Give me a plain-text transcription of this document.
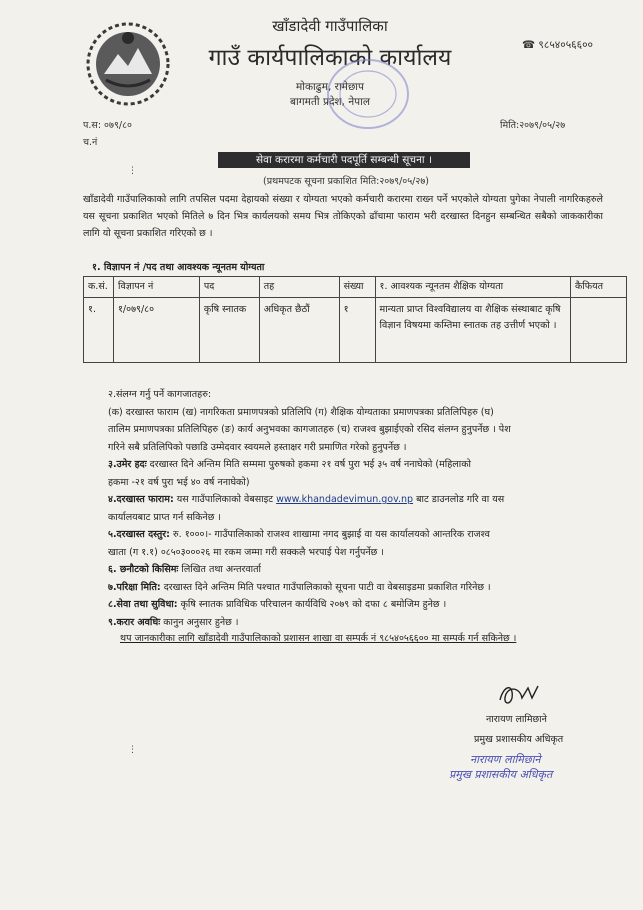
खाँडादेवी गाउँपालिका
गाउँ कार्यपालिकाको कार्यालय
मोकाढुम, रामेछाप
बागमती प्रदेश, नेपाल
☎ ९८५४०५६६००
प.स: ०७९/८०
च.नं
मिति:२०७९/०५/२७
सेवा करारमा कर्मचारी पदपूर्ति सम्बन्धी सूचना ।
(प्रथमपटक सूचना प्रकाशित मिति:२०७९/०५/२७)
खाँडादेवी गाउँपालिकाको लागि तपसिल पदमा देहायको संख्या र योग्यता भएको कर्मचारी करारमा राख्न पर्ने भएकोले योग्यता पुगेका नेपाली नागरिकहरुले यस सूचना प्रकाशित भएको मितिले ७ दिन भित्र कार्यलयको समय भित्र तोकिएको ढाँचामा फाराम भरी दरखास्त दिनहुन सम्बन्धित सबैको जाककारीका लागि यो सूचना प्रकाशित गरिएको छ ।
१. विज्ञापन नं /पद तथा आवश्यक न्यूनतम योग्यता
क.सं.	विज्ञापन नं	पद	तह	संख्या	१. आवश्यक न्यूनतम शैक्षिक योग्यता	कैफियत
१.	१/०७९/८०	कृषि स्नातक	अधिकृत छैठौं	१	मान्यता प्राप्त विश्वविद्यालय वा शैक्षिक संस्थाबाट कृषि विज्ञान विषयमा कम्तिमा स्नातक तह उत्तीर्ण भएको ।	
२.संलग्न गर्नु पर्ने कागजातहरु:
(क) दरखास्त फाराम (ख) नागरिकता प्रमाणपत्रको प्रतिलिपि (ग) शैक्षिक योग्यताका प्रमाणपत्रका प्रतिलिपिहरु (घ)
तालिम प्रमाणपत्रका प्रतिलिपिहरु (ङ) कार्य अनुभवका कागजातहरु (च) राजश्व बुझाईएको रसिद संलग्न हुनुपर्नेछ । पेश
गरिने सबै प्रतिलिपिको पछाडि उम्मेदवार स्वयमले हस्ताक्षर गरी प्रमाणित गरेको हुनुपर्नेछ ।
३.उमेर हदः दरखास्त दिने अन्तिम मिति सम्ममा पुरुषको हकमा २१ वर्ष पुरा भई ३५ वर्ष ननाघेको (महिलाको
हकमा -२१ वर्ष पुरा भई ४० वर्ष ननाघेको)
४.दरखास्त फाराम: यस गाउँपालिकाको वेबसाइट www.khandadevimun.gov.np बाट डाउनलोड गरि वा यस
कार्यालयबाट प्राप्त गर्न सकिनेछ ।
५.दरखास्त दस्तुर: रु. १०००।- गाउँपालिकाको राजश्व शाखामा नगद बुझाई वा यस कार्यालयको आन्तरिक राजश्व
खाता (ग १.१) ०८५०३०००२६ मा रकम जम्मा गरी सक्कलै भरपाई पेश गर्नुपर्नेछ ।
६. छनौटको किसिमः लिखित तथा अन्तरवार्ता
७.परिक्षा मिति: दरखास्त दिने अन्तिम मिति पश्चात गाउँपालिकाको सूचना पाटी वा वेबसाइडमा प्रकाशित गरिनेछ ।
८.सेवा तथा सुविधा: कृषि स्नातक प्राविधिक परिचालन कार्यविधि २०७९ को दफा ८ बमोजिम हुनेछ ।
९.करार अवधिः कानुन अनुसार हुनेछ ।
थप जानकारीका लागि खाँडादेवी गाउँपालिकाको प्रशासन शाखा वा सम्पर्क नं ९८५४०५६६०० मा सम्पर्क गर्न सकिनेछ ।
नारायण लामिछाने
प्रमुख प्रशासकीय अधिकृत
नारायण लामिछाने
प्रमुख प्रशासकीय अधिकृत
⋮
⋮
